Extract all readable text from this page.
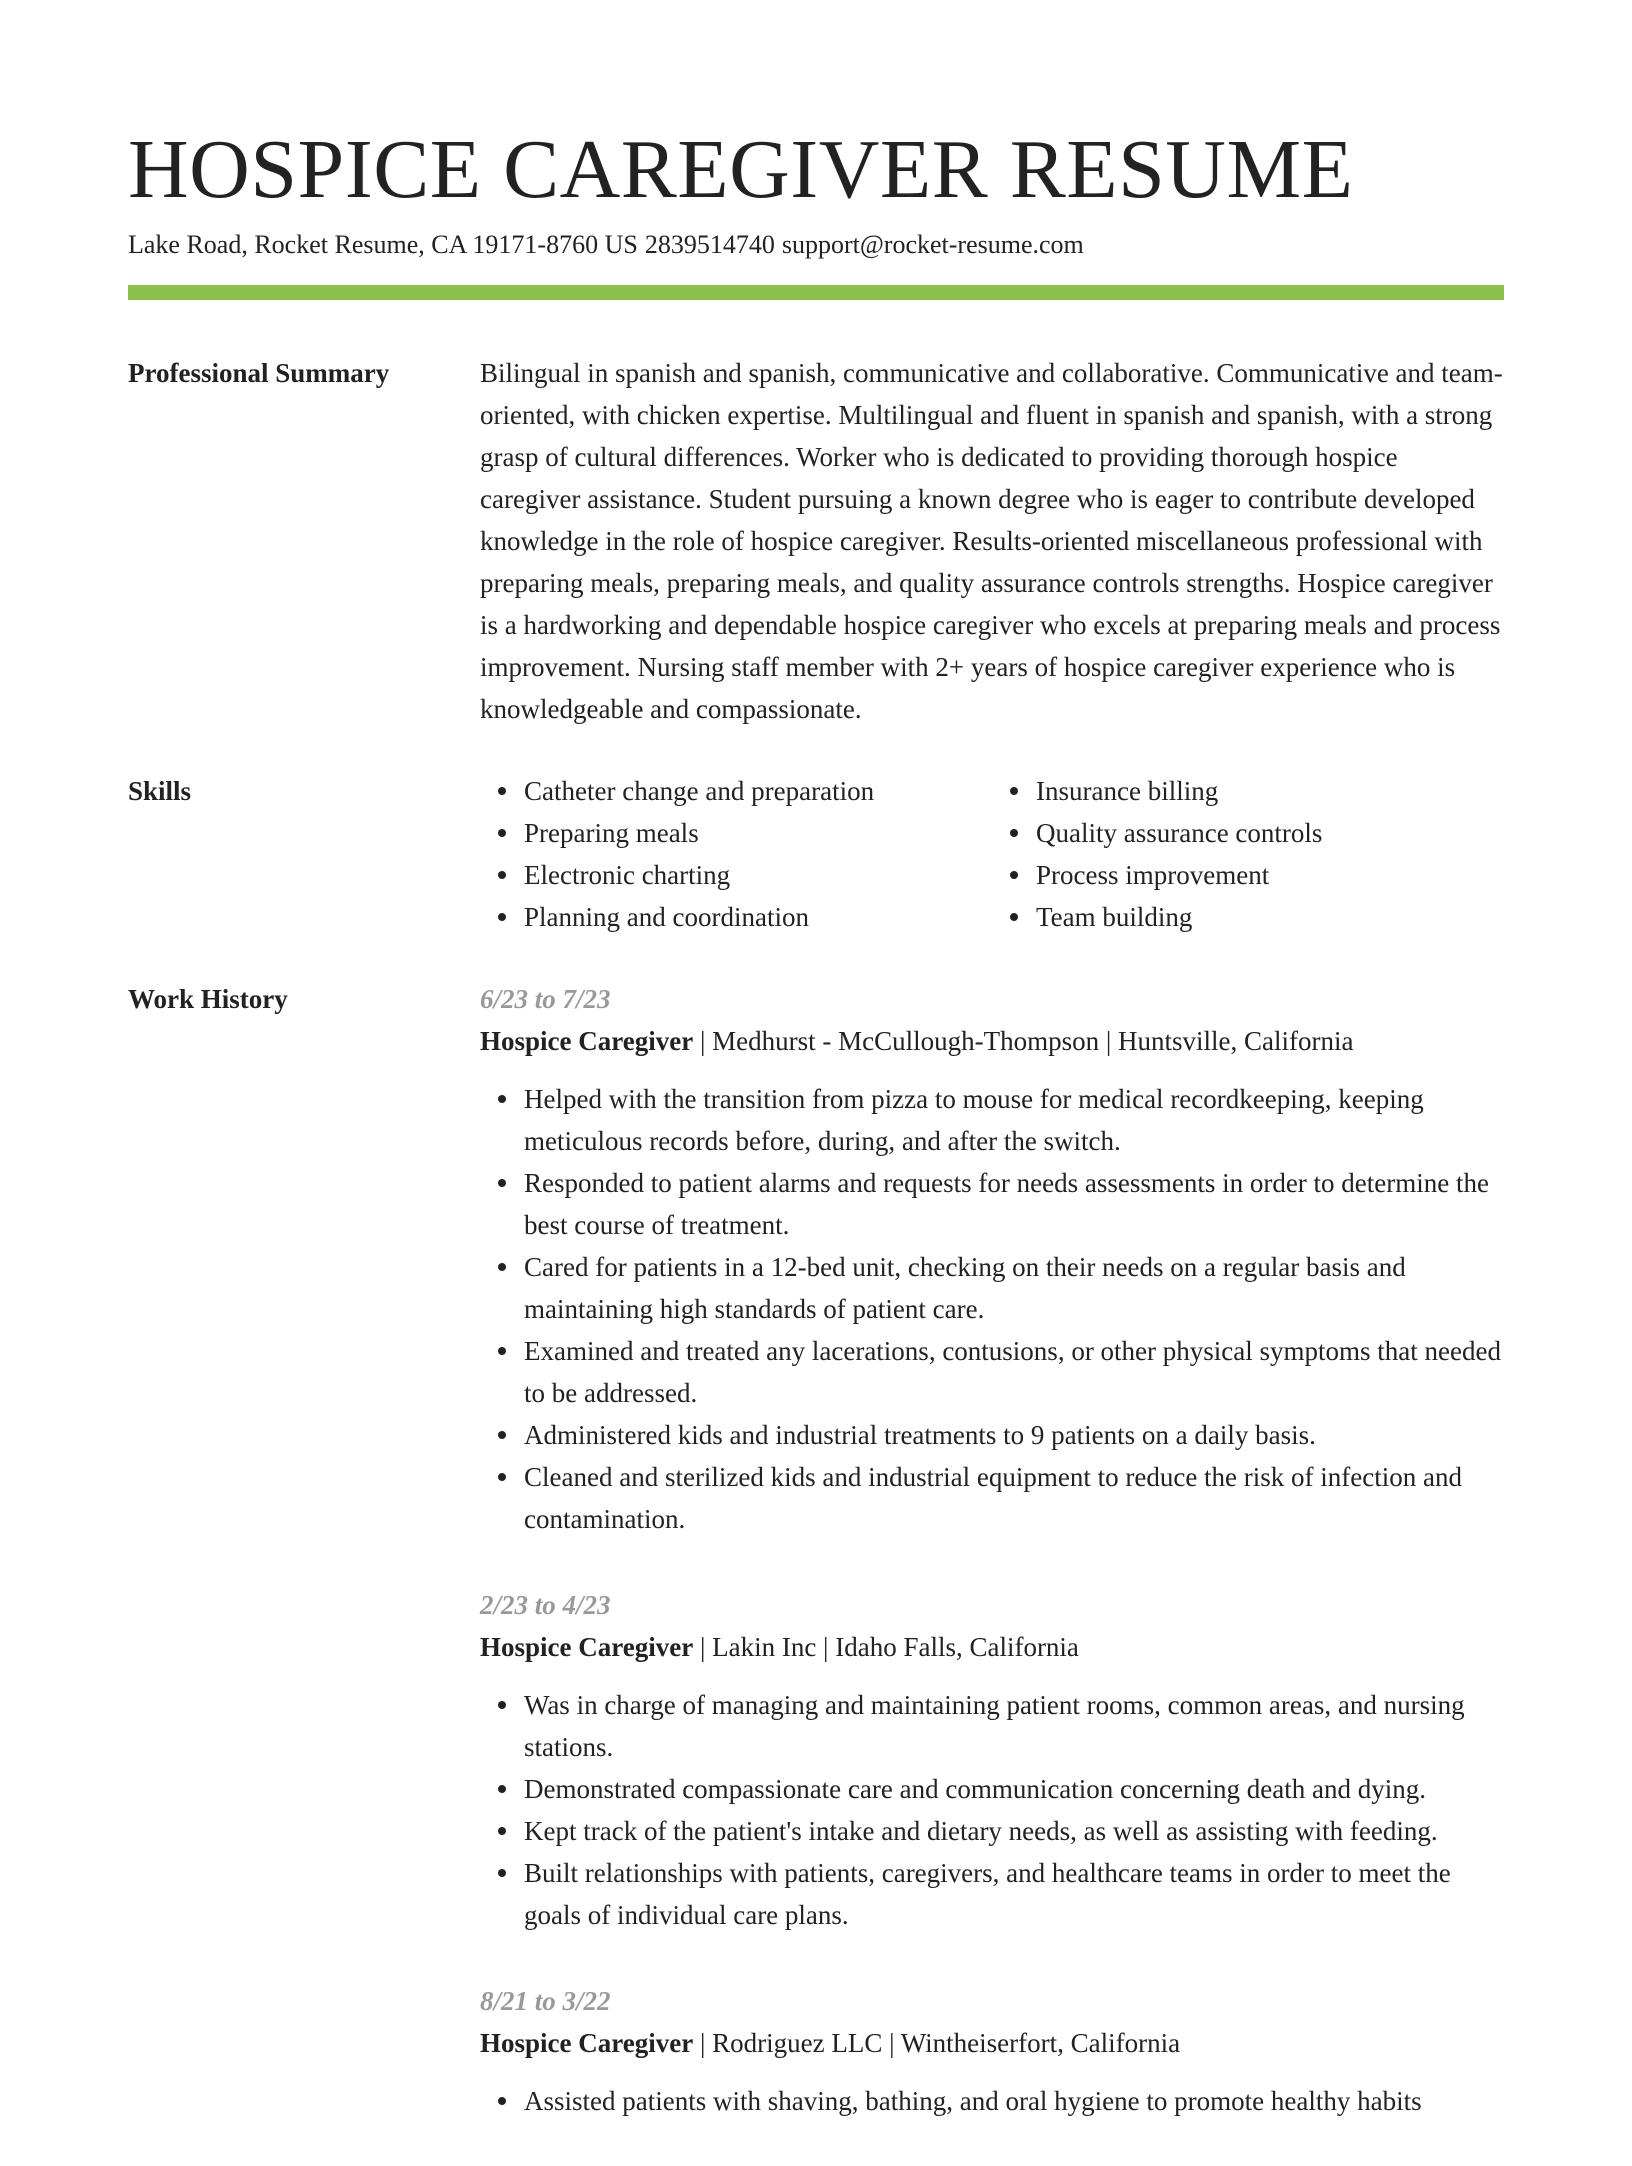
HOSPICE CAREGIVER RESUME
Lake Road, Rocket Resume, CA 19171-8760 US 2839514740 support@rocket-resume.com
Professional Summary	Bilingual in spanish and spanish, communicative and collaborative. Communicative and team-oriented, with chicken expertise. Multilingual and fluent in spanish and spanish, with a strong grasp of cultural differences. Worker who is dedicated to providing thorough hospice caregiver assistance. Student pursuing a known degree who is eager to contribute developed knowledge in the role of hospice caregiver. Results-oriented miscellaneous professional with preparing meals, preparing meals, and quality assurance controls strengths. Hospice caregiver is a hardworking and dependable hospice caregiver who excels at preparing meals and process improvement. Nursing staff member with 2+ years of hospice caregiver experience who is knowledgeable and compassionate.

Skills	Catheter change and preparation
Preparing meals
Electronic charting
Planning and coordination
Insurance billing
Quality assurance controls
Process improvement
Team building
Work History	6/23 to 7/23
Hospice Caregiver | Medhurst - McCullough-Thompson | Huntsville, California
Helped with the transition from pizza to mouse for medical recordkeeping, keeping meticulous records before, during, and after the switch.
Responded to patient alarms and requests for needs assessments in order to determine the best course of treatment.
Cared for patients in a 12-bed unit, checking on their needs on a regular basis and maintaining high standards of patient care.
Examined and treated any lacerations, contusions, or other physical symptoms that needed to be addressed.
Administered kids and industrial treatments to 9 patients on a daily basis.
Cleaned and sterilized kids and industrial equipment to reduce the risk of infection and contamination.
2/23 to 4/23
Hospice Caregiver | Lakin Inc | Idaho Falls, California
Was in charge of managing and maintaining patient rooms, common areas, and nursing stations.
Demonstrated compassionate care and communication concerning death and dying.
Kept track of the patient's intake and dietary needs, as well as assisting with feeding.
Built relationships with patients, caregivers, and healthcare teams in order to meet the goals of individual care plans.
8/21 to 3/22
Hospice Caregiver | Rodriguez LLC | Wintheiserfort, California
Assisted patients with shaving, bathing, and oral hygiene to promote healthy habits
